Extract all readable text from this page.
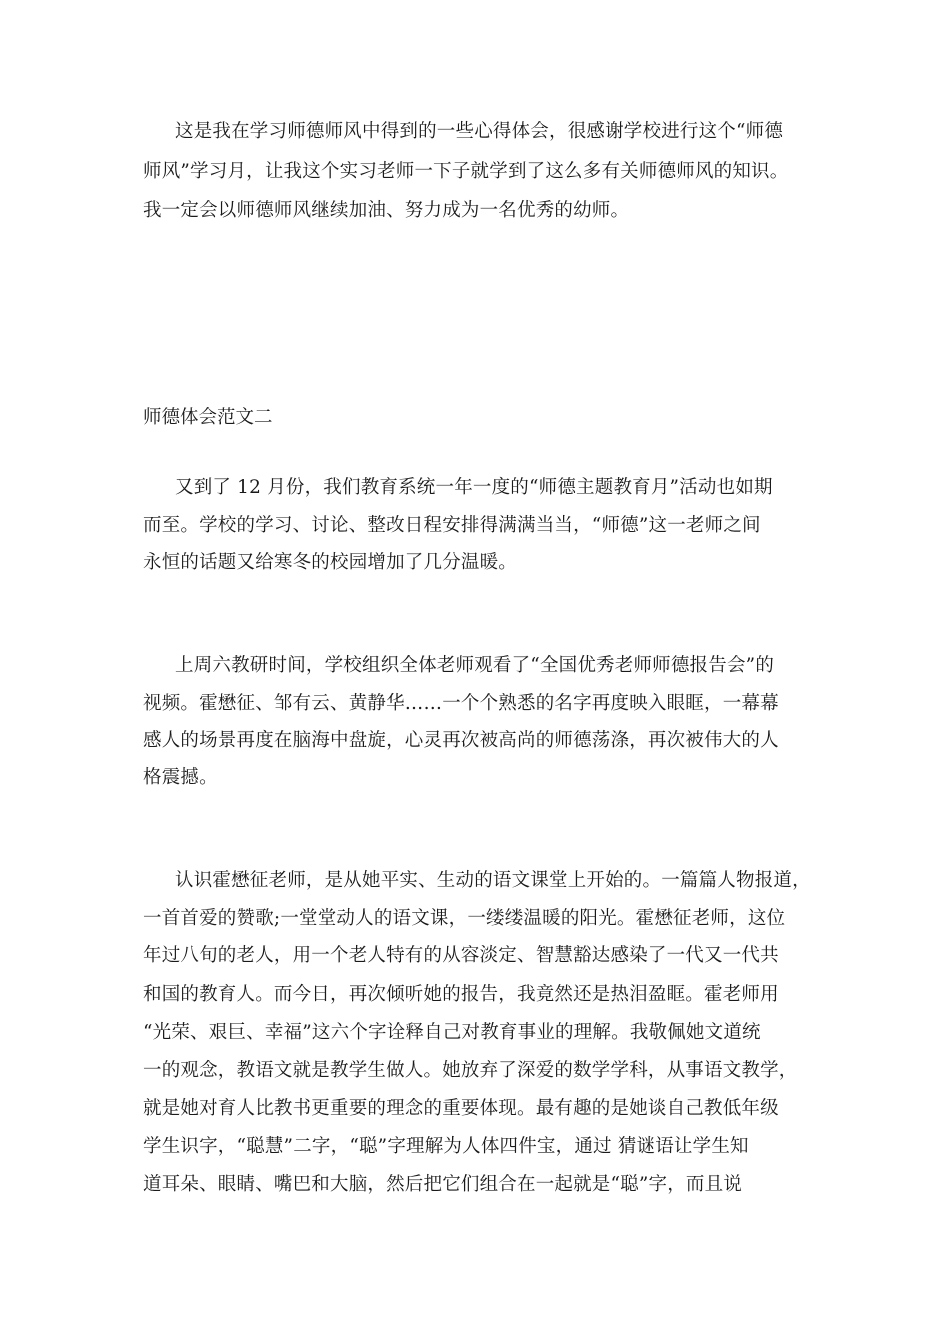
这是我在学习师德师风中得到的一些心得体会，很感谢学校进行这个“师德
师风”学习月，让我这个实习老师一下子就学到了这么多有关师德师风的知识。
我一定会以师德师风继续加油、努力成为一名优秀的幼师。
师德体会范文二
又到了 12 月份，我们教育系统一年一度的“师德主题教育月”活动也如期
而至。学校的学习、讨论、整改日程安排得满满当当，“师德”这一老师之间
永恒的话题又给寒冬的校园增加了几分温暖。
上周六教研时间，学校组织全体老师观看了“全国优秀老师师德报告会”的
视频。霍懋征、邹有云、黄静华……一个个熟悉的名字再度映入眼眶，一幕幕
感人的场景再度在脑海中盘旋，心灵再次被高尚的师德荡涤，再次被伟大的人
格震撼。
认识霍懋征老师，是从她平实、生动的语文课堂上开始的。一篇篇人物报道，
一首首爱的赞歌;一堂堂动人的语文课，一缕缕温暖的阳光。霍懋征老师，这位
年过八旬的老人，用一个老人特有的从容淡定、智慧豁达感染了一代又一代共
和国的教育人。而今日，再次倾听她的报告，我竟然还是热泪盈眶。霍老师用
“光荣、艰巨、幸福”这六个字诠释自己对教育事业的理解。我敬佩她文道统
一的观念，教语文就是教学生做人。她放弃了深爱的数学学科，从事语文教学，
就是她对育人比教书更重要的理念的重要体现。最有趣的是她谈自己教低年级
学生识字，“聪慧”二字，“聪”字理解为人体四件宝，通过 猜谜语让学生知
道耳朵、眼睛、嘴巴和大脑，然后把它们组合在一起就是“聪”字，而且说
